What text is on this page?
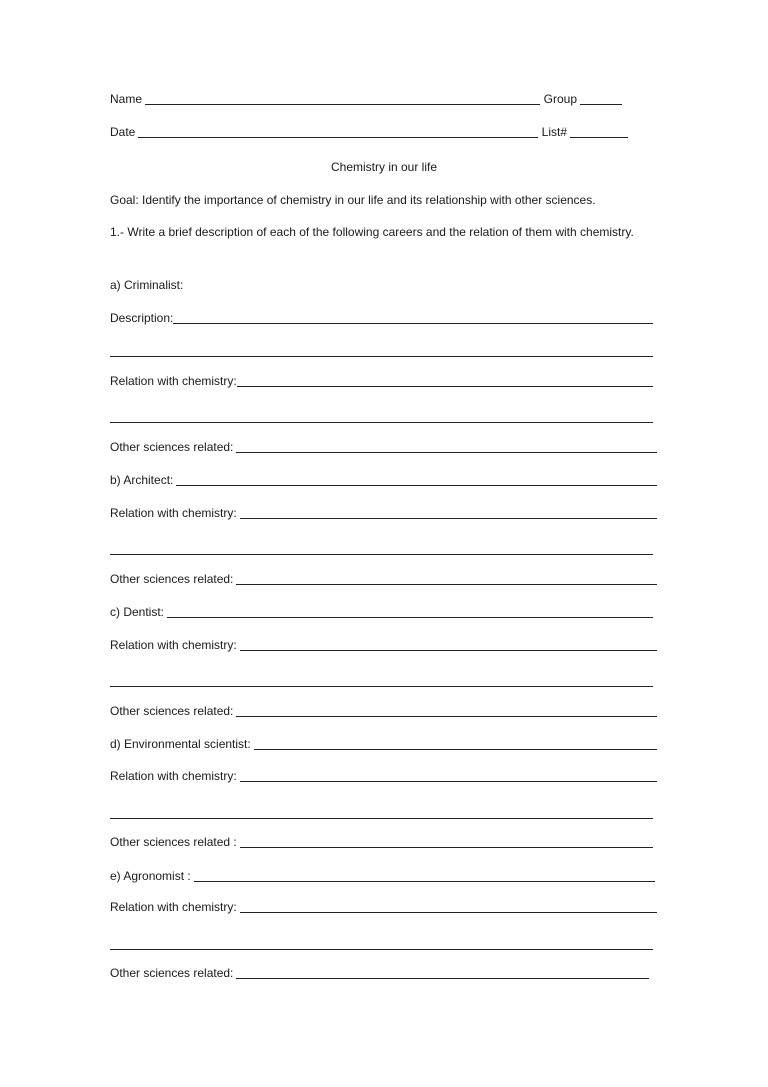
Name	Group
Date	List#
Chemistry in our life
Goal: Identify the importance of chemistry in our life and its relationship with other sciences.
1.- Write a brief description of each of the following careers and the relation of them with chemistry.
a) Criminalist:
Description:
Relation with chemistry:
Other sciences related:
b) Architect:
Relation with chemistry:
Other sciences related:
c) Dentist:
Relation with chemistry:
Other sciences related:
d) Environmental scientist:
Relation with chemistry:
Other sciences related :
e) Agronomist :
Relation with chemistry:
Other sciences related:
